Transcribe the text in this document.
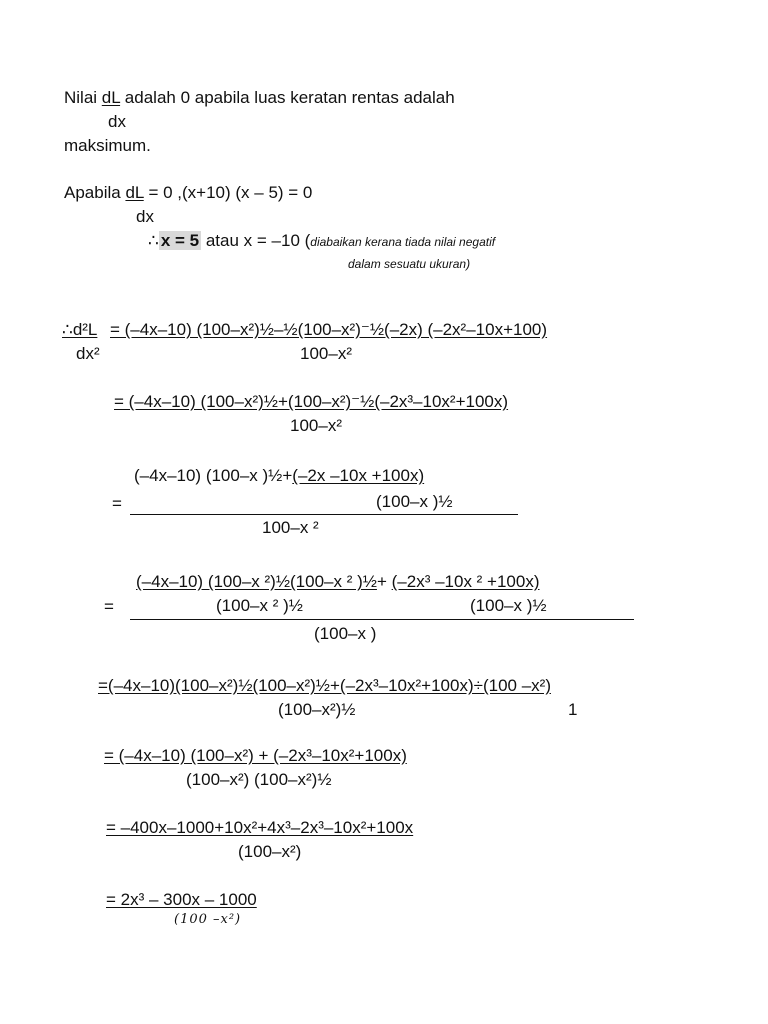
Nilai dL adalah 0 apabila luas keratan rentas adalah
dx
maksimum.
Apabila dL = 0 ,(x+10) (x – 5) = 0
dx
∴ x = 5 atau x = –10 (diabaikan kerana tiada nilai negatif
dalam sesuatu ukuran)
∴d²L
dx²
= (–4x–10) (100–x²)½–½(100–x²)⁻½(–2x) (–2x²–10x+100)
100–x²
= (–4x–10) (100–x²)½+(100–x²)⁻½(–2x³–10x²+100x)
100–x²
(–4x–10) (100–x )½+(–2x –10x +100x)
(100–x )½
=
100–x ²
(–4x–10) (100–x ²)½(100–x ² )½+ (–2x³ –10x ² +100x)
(100–x ² )½	(100–x )½
=
(100–x )
=(–4x–10)(100–x²)½(100–x²)½+(–2x³–10x²+100x)÷(100 –x²)
(100–x²)½	1
= (–4x–10) (100–x²) + (–2x³–10x²+100x)
(100–x²) (100–x²)½
= –400x–1000+10x²+4x³–2x³–10x²+100x
(100–x²)
= 2x³ – 300x – 1000
(100 –x²)
